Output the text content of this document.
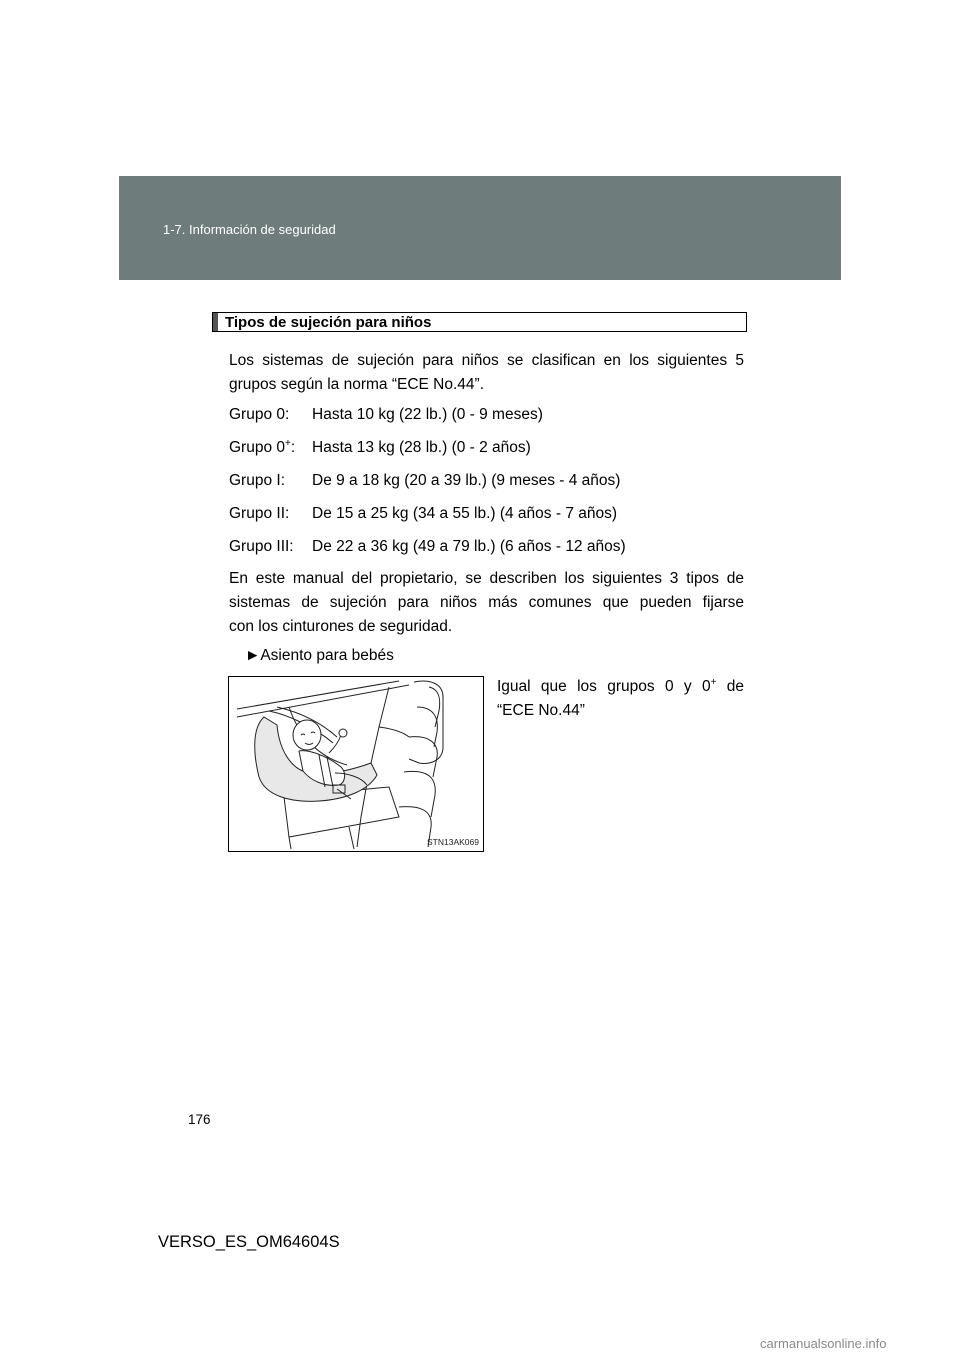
1-7. Información de seguridad
Tipos de sujeción para niños
Los sistemas de sujeción para niños se clasifican en los siguientes 5
grupos según la norma “ECE No.44”.
Grupo 0: Hasta 10 kg (22 lb.) (0 - 9 meses)
Grupo 0+: Hasta 13 kg (28 lb.) (0 - 2 años)
Grupo I: De 9 a 18 kg (20 a 39 lb.) (9 meses - 4 años)
Grupo II: De 15 a 25 kg (34 a 55 lb.) (4 años - 7 años)
Grupo III: De 22 a 36 kg (49 a 79 lb.) (6 años - 12 años)
En este manual del propietario, se describen los siguientes 3 tipos de
sistemas de sujeción para niños más comunes que pueden fijarse
con los cinturones de seguridad.
►Asiento para bebés
STN13AK069
Igual que los grupos 0 y 0+ de
“ECE No.44”
176
VERSO_ES_OM64604S
carmanualsonline.info
